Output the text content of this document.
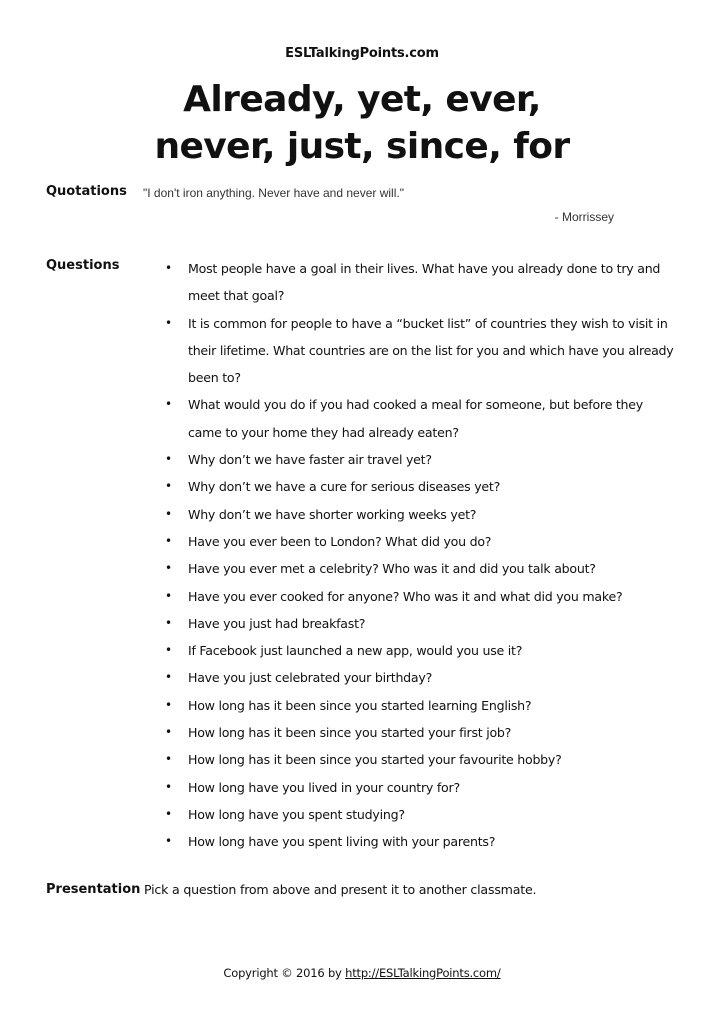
ESLTalkingPoints.com
Already, yet, ever,
never, just, since, for
Quotations "I don't iron anything. Never have and never will."
- Morrissey
Questions	• Most people have a goal in their lives. What have you already done to try and meet that goal?
• It is common for people to have a “bucket list” of countries they wish to visit in their lifetime. What countries are on the list for you and which have you already been to?
• What would you do if you had cooked a meal for someone, but before they came to your home they had already eaten?
• Why don’t we have faster air travel yet?
• Why don’t we have a cure for serious diseases yet?
• Why don’t we have shorter working weeks yet?
• Have you ever been to London? What did you do?
• Have you ever met a celebrity? Who was it and did you talk about?
• Have you ever cooked for anyone? Who was it and what did you make?
• Have you just had breakfast?
• If Facebook just launched a new app, would you use it?
• Have you just celebrated your birthday?
• How long has it been since you started learning English?
• How long has it been since you started your first job?
• How long has it been since you started your favourite hobby?
• How long have you lived in your country for?
• How long have you spent studying?
• How long have you spent living with your parents?
Presentation Pick a question from above and present it to another classmate.
Copyright © 2016 by http://ESLTalkingPoints.com/
